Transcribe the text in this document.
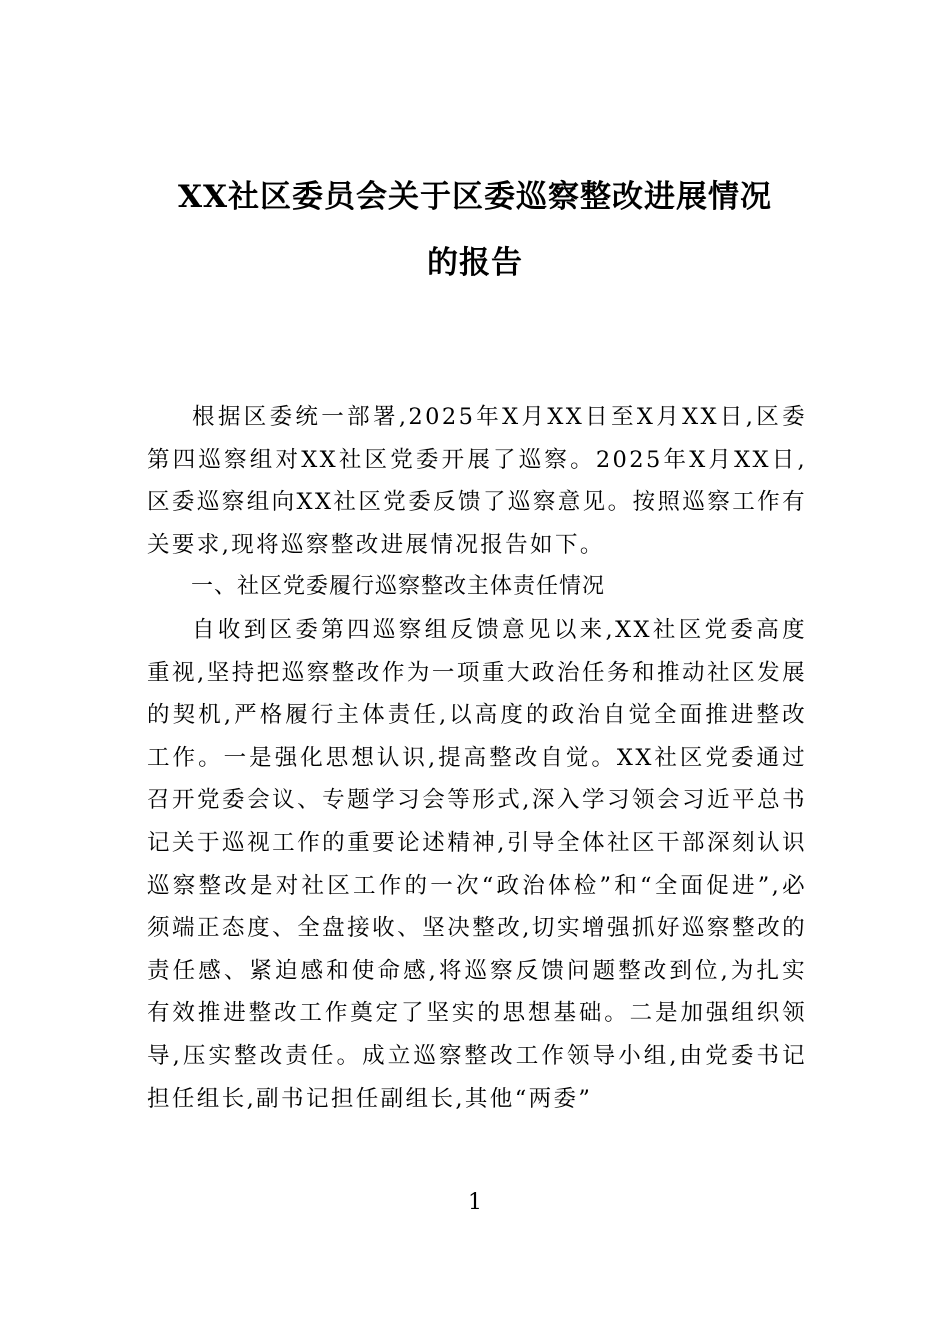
XX社区委员会关于区委巡察整改进展情况
的报告

根据区委统一部署,2025年X月XX日至X月XX日,区委第四巡察组对XX社区党委开展了巡察。2025年X月XX日,区委巡察组向XX社区党委反馈了巡察意见。按照巡察工作有关要求,现将巡察整改进展情况报告如下。

一、社区党委履行巡察整改主体责任情况

自收到区委第四巡察组反馈意见以来,XX社区党委高度重视,坚持把巡察整改作为一项重大政治任务和推动社区发展的契机,严格履行主体责任,以高度的政治自觉全面推进整改工作。一是强化思想认识,提高整改自觉。XX社区党委通过召开党委会议、专题学习会等形式,深入学习领会习近平总书记关于巡视工作的重要论述精神,引导全体社区干部深刻认识巡察整改是对社区工作的一次“政治体检”和“全面促进”,必须端正态度、全盘接收、坚决整改,切实增强抓好巡察整改的责任感、紧迫感和使命感,将巡察反馈问题整改到位,为扎实有效推进整改工作奠定了坚实的思想基础。二是加强组织领导,压实整改责任。成立巡察整改工作领导小组,由党委书记担任组长,副书记担任副组长,其他“两委”

1
